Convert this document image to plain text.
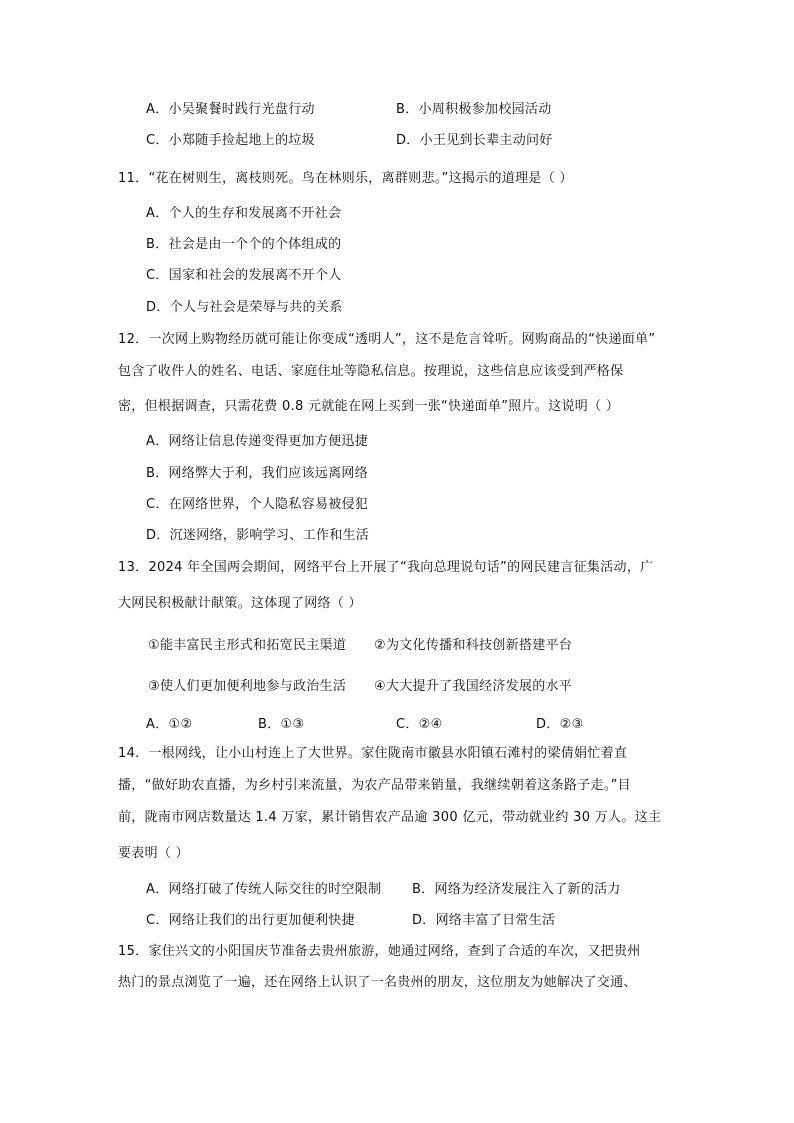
A．小吴聚餐时践行光盘行动	B．小周积极参加校园活动
C．小郑随手捡起地上的垃圾	D．小王见到长辈主动问好
11．“花在树则生，离枝则死。鸟在林则乐，离群则悲。”这揭示的道理是（ ）
A．个人的生存和发展离不开社会
B．社会是由一个个的个体组成的
C．国家和社会的发展离不开个人
D．个人与社会是荣辱与共的关系
12．一次网上购物经历就可能让你变成“透明人”，这不是危言耸听。网购商品的“快递面单”
包含了收件人的姓名、电话、家庭住址等隐私信息。按理说，这些信息应该受到严格保
密，但根据调查，只需花费 0.8 元就能在网上买到一张“快递面单”照片。这说明（ ）
A．网络让信息传递变得更加方便迅捷
B．网络弊大于利，我们应该远离网络
C．在网络世界，个人隐私容易被侵犯
D．沉迷网络，影响学习、工作和生活
13．2024 年全国两会期间，网络平台上开展了“我向总理说句话”的网民建言征集活动，广
大网民积极献计献策。这体现了网络（ ）
①能丰富民主形式和拓宽民主渠道 ②为文化传播和科技创新搭建平台
③使人们更加便利地参与政治生活 ④大大提升了我国经济发展的水平
A．①②	B．①③	C．②④	D．②③
14．一根网线，让小山村连上了大世界。家住陇南市徽县水阳镇石滩村的梁倩娟忙着直
播，“做好助农直播，为乡村引来流量，为农产品带来销量，我继续朝着这条路子走。”目
前，陇南市网店数量达 1.4 万家，累计销售农产品逾 300 亿元，带动就业约 30 万人。这主
要表明（ ）
A．网络打破了传统人际交往的时空限制 B．网络为经济发展注入了新的活力
C．网络让我们的出行更加便利快捷	D．网络丰富了日常生活
15．家住兴文的小阳国庆节准备去贵州旅游，她通过网络，查到了合适的车次，又把贵州
热门的景点浏览了一遍，还在网络上认识了一名贵州的朋友，这位朋友为她解决了交通、
